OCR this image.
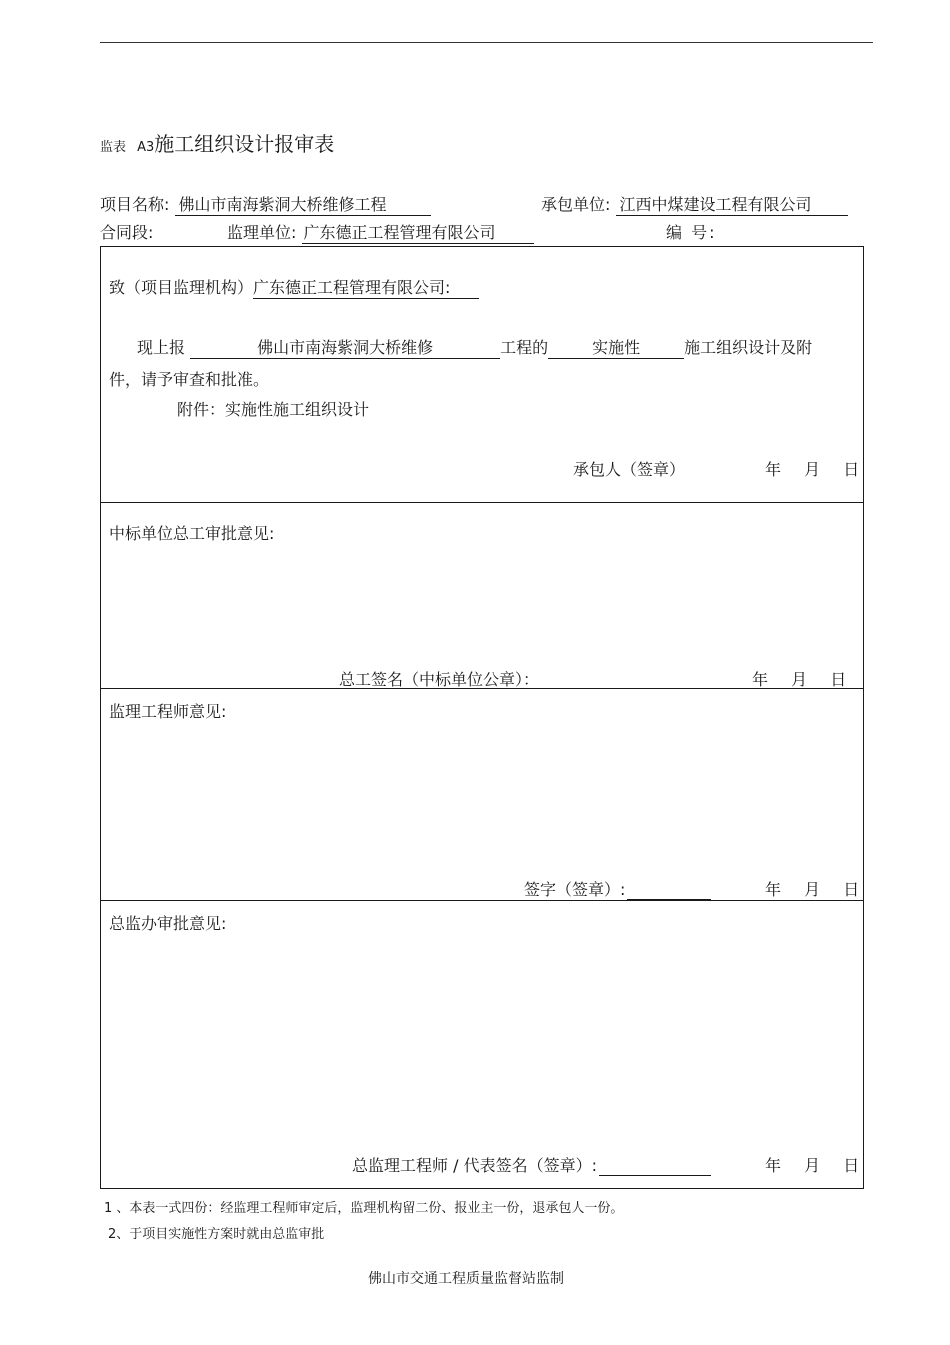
监表 A3施工组织设计报审表
项目名称: 佛山市南海紫洞大桥维修工程	承包单位: 江西中煤建设工程有限公司
合同段:	监理单位: 广东德正工程管理有限公司	编 号:
致（项目监理机构）广东德正工程管理有限公司:
现上报	佛山市南海紫洞大桥维修	工程的	实施性	施工组织设计及附
件，请予审查和批准。
附件：实施性施工组织设计
承包人（签章）	年 月 日
中标单位总工审批意见:
总工签名（中标单位公章）：	年 月 日
监理工程师意见:
签字（签章）:	年 月 日
总监办审批意见:
总监理工程师 / 代表签名（签章）:	年 月 日
1 、本表一式四份：经监理工程师审定后，监理机构留二份、报业主一份，退承包人一份。
2、于项目实施性方案时就由总监审批
佛山市交通工程质量监督站监制
